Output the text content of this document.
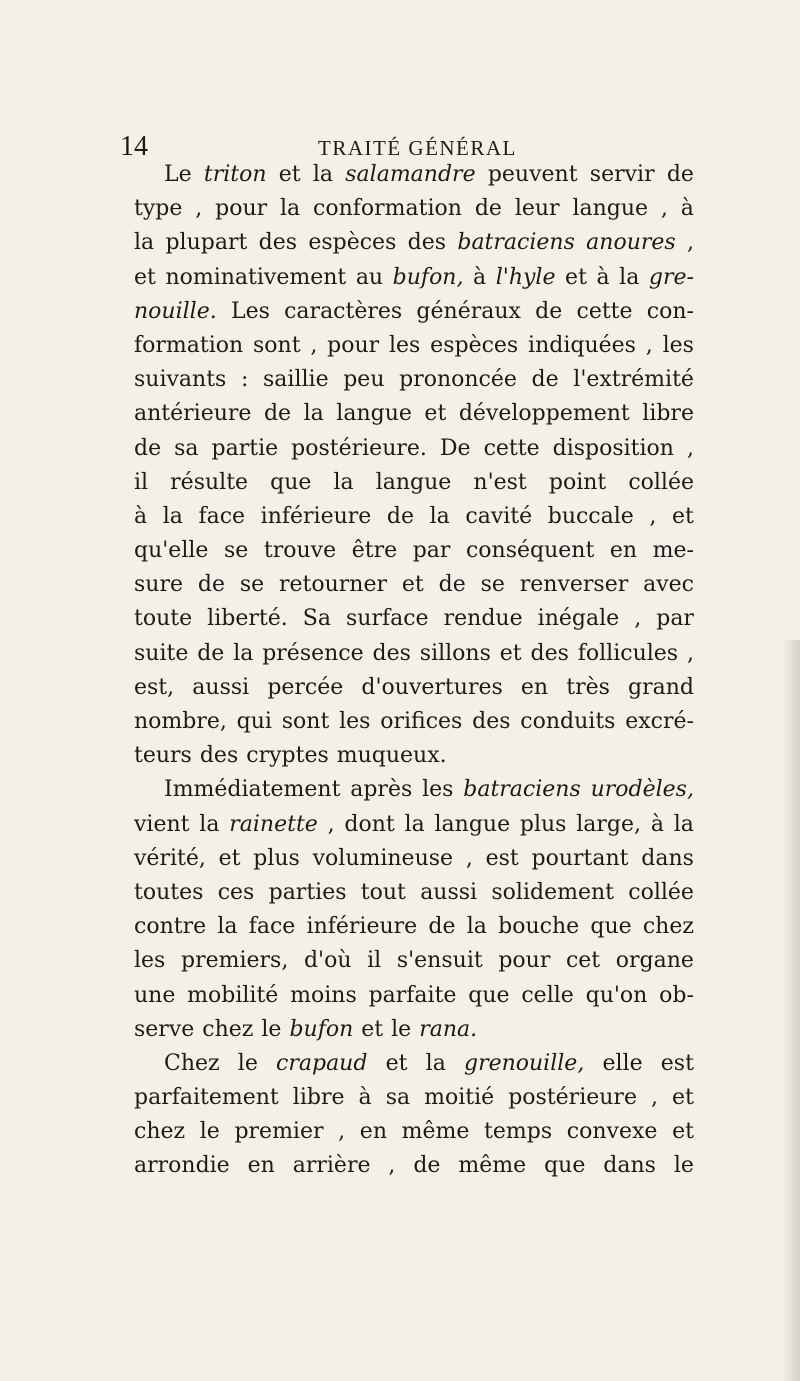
14	TRAITÉ GÉNÉRAL
Le triton et la salamandre peuvent servir de
type , pour la conformation de leur langue , à
la plupart des espèces des batraciens anoures ,
et nominativement au bufon, à l'hyle et à la gre-
nouille. Les caractères généraux de cette con-
formation sont , pour les espèces indiquées , les
suivants : saillie peu prononcée de l'extrémité
antérieure de la langue et développement libre
de sa partie postérieure. De cette disposition ,
il résulte que la langue n'est point collée
à la face inférieure de la cavité buccale , et
qu'elle se trouve être par conséquent en me-
sure de se retourner et de se renverser avec
toute liberté. Sa surface rendue inégale , par
suite de la présence des sillons et des follicules ,
est, aussi percée d'ouvertures en très grand
nombre, qui sont les orifices des conduits excré-
teurs des cryptes muqueux.
Immédiatement après les batraciens urodèles,
vient la rainette , dont la langue plus large, à la
vérité, et plus volumineuse , est pourtant dans
toutes ces parties tout aussi solidement collée
contre la face inférieure de la bouche que chez
les premiers, d'où il s'ensuit pour cet organe
une mobilité moins parfaite que celle qu'on ob-
serve chez le bufon et le rana.
Chez le crapaud et la grenouille, elle est
parfaitement libre à sa moitié postérieure , et
chez le premier , en même temps convexe et
arrondie en arrière , de même que dans le
